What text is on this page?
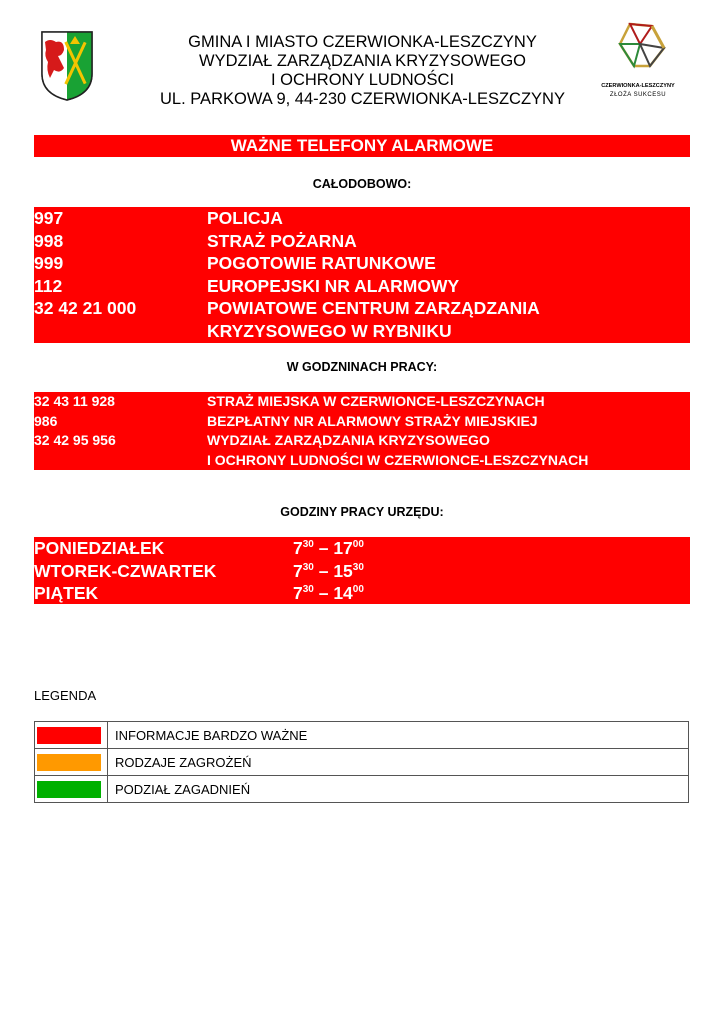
GMINA I MIASTO CZERWIONKA-LESZCZYNY
WYDZIAŁ ZARZĄDZANIA KRYZYSOWEGO
I OCHRONY LUDNOŚCI
UL. PARKOWA 9, 44-230 CZERWIONKA-LESZCZYNY
CZERWIONKA-LESZCZYNY
ZŁOŻA SUKCESU
WAŻNE TELEFONY ALARMOWE
CAŁODOBOWO:
997	POLICJA
998	STRAŻ POŻARNA
999	POGOTOWIE RATUNKOWE
112	EUROPEJSKI NR ALARMOWY
32 42 21 000	POWIATOWE CENTRUM ZARZĄDZANIA
KRYZYSOWEGO W RYBNIKU
W GODZNINACH PRACY:
32 43 11 928	STRAŻ MIEJSKA W CZERWIONCE-LESZCZYNACH
986	BEZPŁATNY NR ALARMOWY STRAŻY MIEJSKIEJ
32 42 95 956	WYDZIAŁ ZARZĄDZANIA KRYZYSOWEGO
I OCHRONY LUDNOŚCI W CZERWIONCE-LESZCZYNACH
GODZINY PRACY URZĘDU:
PONIEDZIAŁEK	$7^{30} - 17^{00}$
WTOREK-CZWARTEK	$7^{30} - 15^{30}$
PIĄTEK	$7^{30} - 14^{00}$
LEGENDA
	INFORMACJE BARDZO WAŻNE

	RODZAJE ZAGROŻEŃ

	PODZIAŁ ZAGADNIEŃ
